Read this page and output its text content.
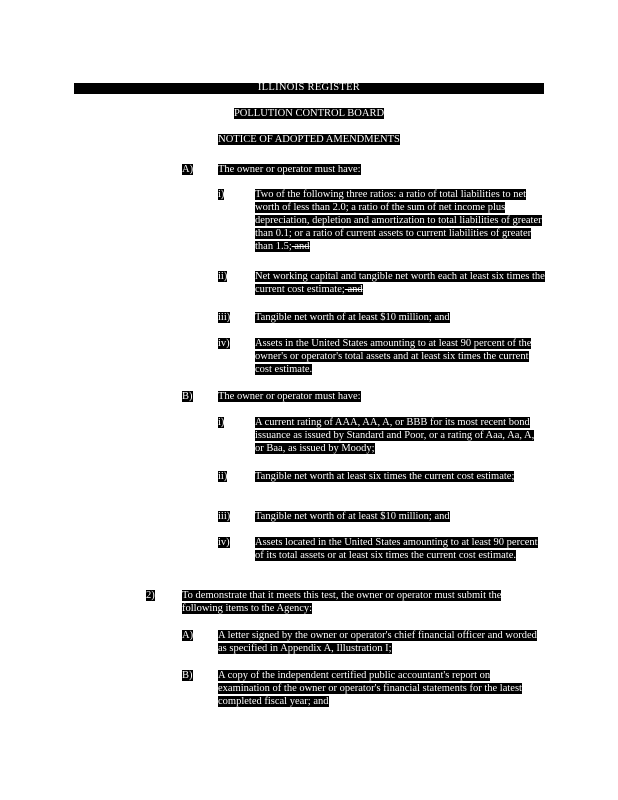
ILLINOIS REGISTER
POLLUTION CONTROL BOARD
NOTICE OF ADOPTED AMENDMENTS
A) The owner or operator must have:
i)	Two of the following three ratios: a ratio of total liabilities to net worth of less than 2.0; a ratio of the sum of net income plus depreciation, depletion and amortization to total liabilities of greater than 0.1; or a ratio of current assets to current liabilities of greater than 1.5; and
ii)	Net working capital and tangible net worth each at least six times the current cost estimate; and
iii) Tangible net worth of at least $10 million; and
iv) Assets in the United States amounting to at least 90 percent of the owner's or operator's total assets and at least six times the current cost estimate.
B) The owner or operator must have:
i)	A current rating of AAA, AA, A, or BBB for its most recent bond issuance as issued by Standard and Poor, or a rating of Aaa, Aa, A, or Baa, as issued by Moody;
ii)	Tangible net worth at least six times the current cost estimate;
iii) Tangible net worth of at least $10 million; and
iv) Assets located in the United States amounting to at least 90 percent of its total assets or at least six times the current cost estimate.
2)	To demonstrate that it meets this test, the owner or operator must submit the following items to the Agency:
A) A letter signed by the owner or operator's chief financial officer and worded as specified in Appendix A, Illustration I;
B) A copy of the independent certified public accountant's report on examination of the owner or operator's financial statements for the latest completed fiscal year; and
